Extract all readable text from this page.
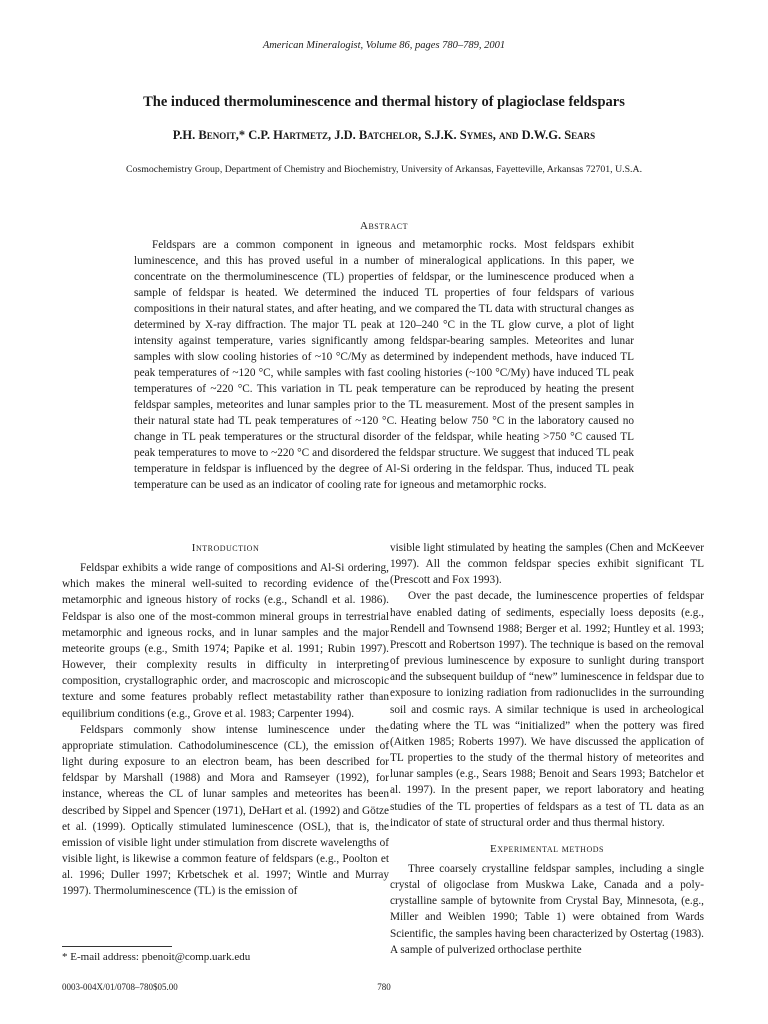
American Mineralogist, Volume 86, pages 780–789, 2001
The induced thermoluminescence and thermal history of plagioclase feldspars
P.H. Benoit,* C.P. Hartmetz, J.D. Batchelor, S.J.K. Symes, and D.W.G. Sears
Cosmochemistry Group, Department of Chemistry and Biochemistry, University of Arkansas, Fayetteville, Arkansas 72701, U.S.A.
Abstract

Feldspars are a common component in igneous and metamorphic rocks. Most feldspars exhibit luminescence, and this has proved useful in a number of mineralogical applications. In this paper, we concentrate on the thermoluminescence (TL) properties of feldspar, or the luminescence produced when a sample of feldspar is heated. We determined the induced TL properties of four feldspars of various compositions in their natural states, and after heating, and we compared the TL data with structural changes as determined by X-ray diffraction. The major TL peak at 120–240 °C in the TL glow curve, a plot of light intensity against temperature, varies significantly among feldspar-bearing samples. Meteorites and lunar samples with slow cooling histories of ~10 °C/My as determined by independent methods, have induced TL peak temperatures of ~120 °C, while samples with fast cooling histories (~100 °C/My) have induced TL peak temperatures of ~220 °C. This variation in TL peak temperature can be reproduced by heating the present feldspar samples, meteorites and lunar samples prior to the TL measurement. Most of the present samples in their natural state had TL peak temperatures of ~120 °C. Heating below 750 °C in the laboratory caused no change in TL peak temperatures or the structural disorder of the feldspar, while heating >750 °C caused TL peak temperatures to move to ~220 °C and disordered the feldspar structure. We suggest that induced TL peak temperature in feldspar is influenced by the degree of Al-Si ordering in the feldspar. Thus, induced TL peak temperature can be used as an indicator of cooling rate for igneous and metamorphic rocks.

Introduction

Feldspar exhibits a wide range of compositions and Al-Si ordering, which makes the mineral well-suited to recording evidence of the metamorphic and igneous history of rocks (e.g., Schandl et al. 1986). Feldspar is also one of the most-common mineral groups in terrestrial metamorphic and igneous rocks, and in lunar samples and the major meteorite groups (e.g., Smith 1974; Papike et al. 1991; Rubin 1997). However, their complexity results in difficulty in interpreting composition, crystallographic order, and macroscopic and microscopic texture and some features probably reflect metastability rather than equilibrium conditions (e.g., Grove et al. 1983; Carpenter 1994).

Feldspars commonly show intense luminescence under the appropriate stimulation. Cathodoluminescence (CL), the emission of light during exposure to an electron beam, has been described for feldspar by Marshall (1988) and Mora and Ramseyer (1992), for instance, whereas the CL of lunar samples and meteorites has been described by Sippel and Spencer (1971), DeHart et al. (1992) and Götze et al. (1999). Optically stimulated luminescence (OSL), that is, the emission of visible light under stimulation from discrete wavelengths of visible light, is likewise a common feature of feldspars (e.g., Poolton et al. 1996; Duller 1997; Krbetschek et al. 1997; Wintle and Murray 1997). Thermoluminescence (TL) is the emission of

visible light stimulated by heating the samples (Chen and McKeever 1997). All the common feldspar species exhibit significant TL (Prescott and Fox 1993).

Over the past decade, the luminescence properties of feldspar have enabled dating of sediments, especially loess deposits (e.g., Rendell and Townsend 1988; Berger et al. 1992; Huntley et al. 1993; Prescott and Robertson 1997). The technique is based on the removal of previous luminescence by exposure to sunlight during transport and the subsequent buildup of “new” luminescence in feldspar due to exposure to ionizing radiation from radionuclides in the surrounding soil and cosmic rays. A similar technique is used in archeological dating where the TL was “initialized” when the pottery was fired (Aitken 1985; Roberts 1997). We have discussed the application of TL properties to the study of the thermal history of meteorites and lunar samples (e.g., Sears 1988; Benoit and Sears 1993; Batchelor et al. 1997). In the present paper, we report laboratory and heating studies of the TL properties of feldspars as a test of TL data as an indicator of state of structural order and thus thermal history.

Experimental methods

Three coarsely crystalline feldspar samples, including a single crystal of oligoclase from Muskwa Lake, Canada and a poly-crystalline sample of bytownite from Crystal Bay, Minnesota, (e.g., Miller and Weiblen 1990; Table 1) were obtained from Wards Scientific, the samples having been characterized by Ostertag (1983). A sample of pulverized orthoclase perthite

* E-mail address: pbenoit@comp.uark.edu
0003-004X/01/0708–780$05.00	780
